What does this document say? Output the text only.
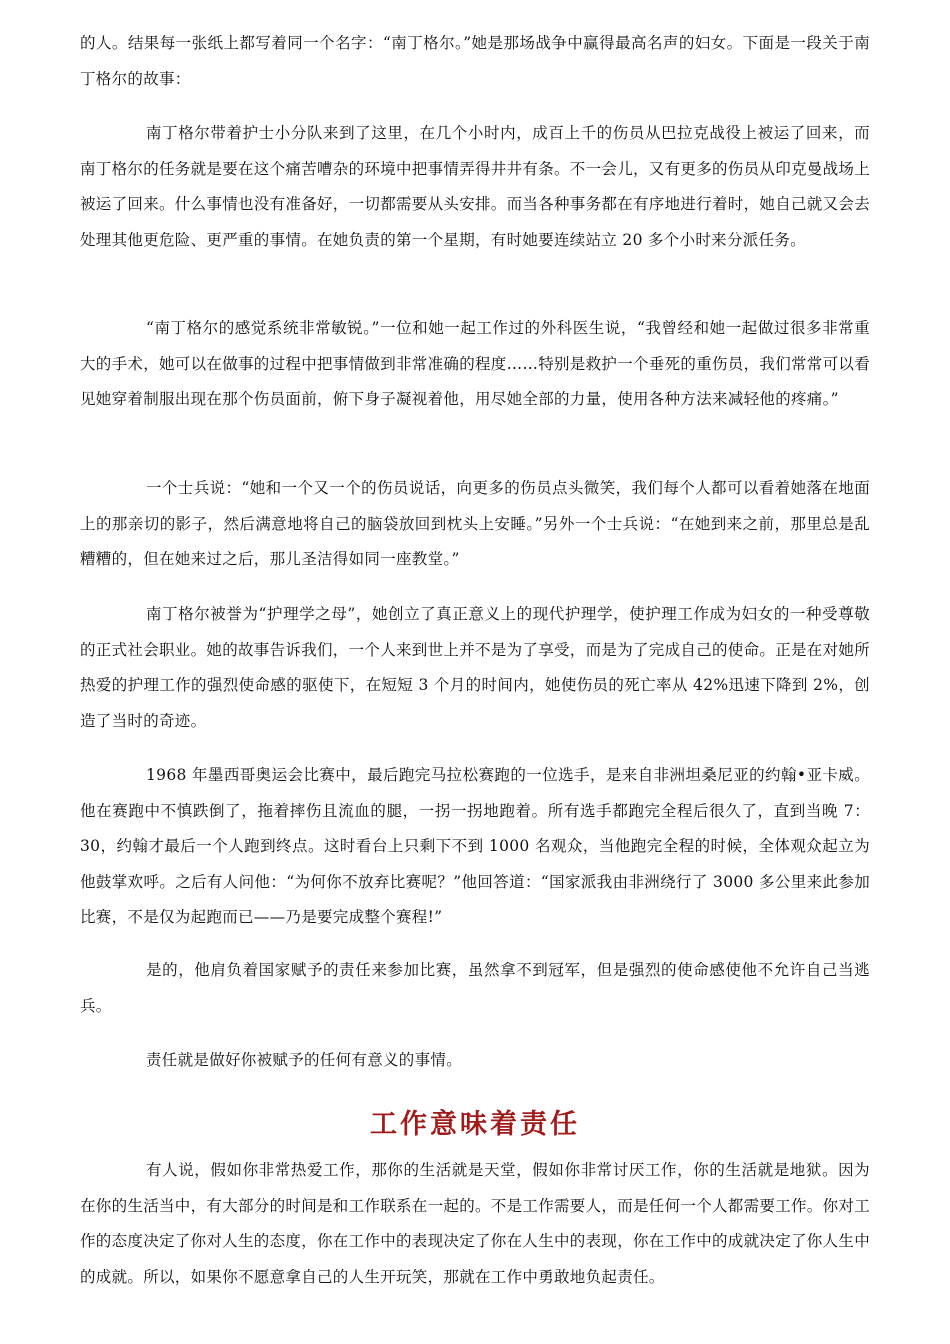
的人。结果每一张纸上都写着同一个名字：“南丁格尔。”她是那场战争中赢得最高名声的妇女。下面是一段关于南丁格尔的故事：

南丁格尔带着护士小分队来到了这里，在几个小时内，成百上千的伤员从巴拉克战役上被运了回来，而南丁格尔的任务就是要在这个痛苦嘈杂的环境中把事情弄得井井有条。不一会儿，又有更多的伤员从印克曼战场上被运了回来。什么事情也没有准备好，一切都需要从头安排。而当各种事务都在有序地进行着时，她自己就又会去处理其他更危险、更严重的事情。在她负责的第一个星期，有时她要连续站立 20 多个小时来分派任务。

“南丁格尔的感觉系统非常敏锐。”一位和她一起工作过的外科医生说，“我曾经和她一起做过很多非常重大的手术，她可以在做事的过程中把事情做到非常准确的程度……特别是救护一个垂死的重伤员，我们常常可以看见她穿着制服出现在那个伤员面前，俯下身子凝视着他，用尽她全部的力量，使用各种方法来减轻他的疼痛。”

一个士兵说：“她和一个又一个的伤员说话，向更多的伤员点头微笑，我们每个人都可以看着她落在地面上的那亲切的影子，然后满意地将自己的脑袋放回到枕头上安睡。”另外一个士兵说：“在她到来之前，那里总是乱糟糟的，但在她来过之后，那儿圣洁得如同一座教堂。”

南丁格尔被誉为“护理学之母”，她创立了真正意义上的现代护理学，使护理工作成为妇女的一种受尊敬的正式社会职业。她的故事告诉我们，一个人来到世上并不是为了享受，而是为了完成自己的使命。正是在对她所热爱的护理工作的强烈使命感的驱使下，在短短 3 个月的时间内，她使伤员的死亡率从 42%迅速下降到 2%，创造了当时的奇迹。

1968 年墨西哥奥运会比赛中，最后跑完马拉松赛跑的一位选手，是来自非洲坦桑尼亚的约翰•亚卡威。他在赛跑中不慎跌倒了，拖着摔伤且流血的腿，一拐一拐地跑着。所有选手都跑完全程后很久了，直到当晚 7：30，约翰才最后一个人跑到终点。这时看台上只剩下不到 1000 名观众，当他跑完全程的时候，全体观众起立为他鼓掌欢呼。之后有人问他：“为何你不放弃比赛呢？”他回答道：“国家派我由非洲绕行了 3000 多公里来此参加比赛，不是仅为起跑而已——乃是要完成整个赛程!”

是的，他肩负着国家赋予的责任来参加比赛，虽然拿不到冠军，但是强烈的使命感使他不允许自己当逃兵。

责任就是做好你被赋予的任何有意义的事情。

工作意味着责任

有人说，假如你非常热爱工作，那你的生活就是天堂，假如你非常讨厌工作，你的生活就是地狱。因为在你的生活当中，有大部分的时间是和工作联系在一起的。不是工作需要人，而是任何一个人都需要工作。你对工作的态度决定了你对人生的态度，你在工作中的表现决定了你在人生中的表现，你在工作中的成就决定了你人生中的成就。所以，如果你不愿意拿自己的人生开玩笑，那就在工作中勇敢地负起责任。
